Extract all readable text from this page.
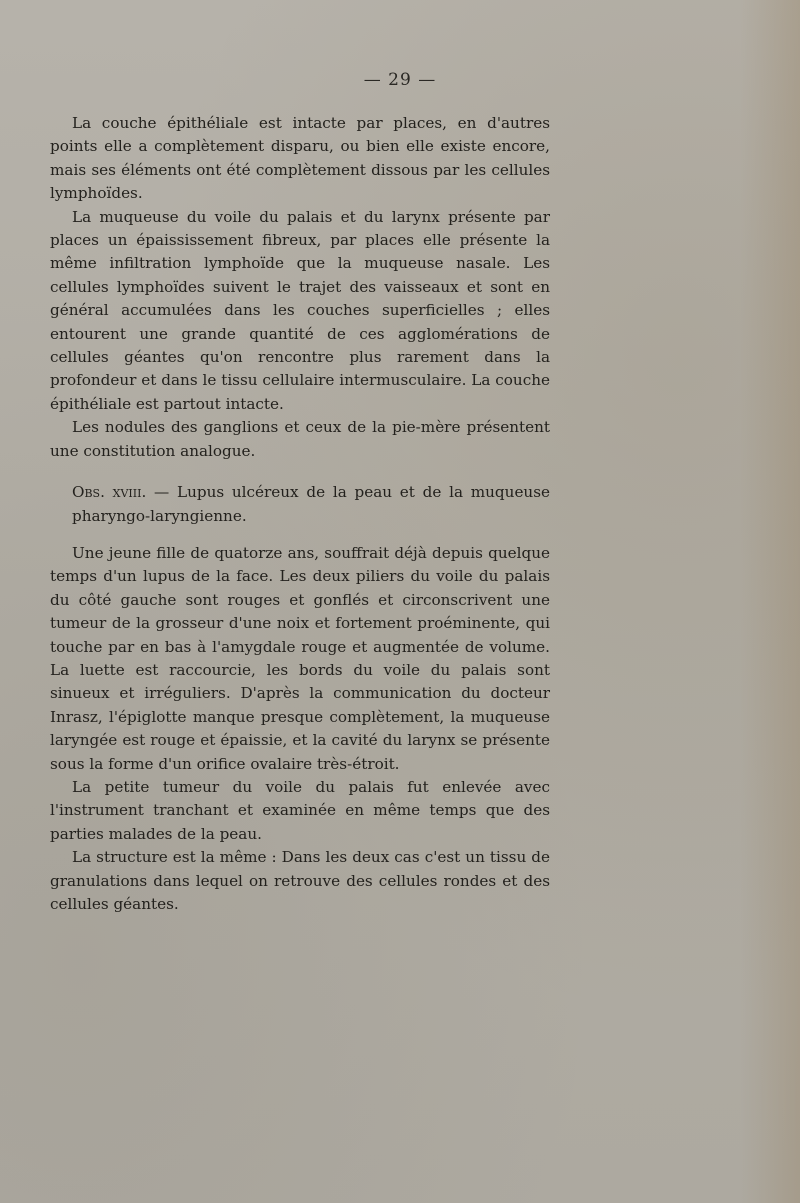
— 29 —

La couche épithéliale est intacte par places, en d'autres points elle a complètement disparu, ou bien elle existe encore, mais ses éléments ont été complètement dissous par les cellules lymphoïdes.

La muqueuse du voile du palais et du larynx présente par places un épaississement fibreux, par places elle présente la même infiltration lymphoïde que la muqueuse nasale. Les cellules lymphoïdes suivent le trajet des vaisseaux et sont en général accumulées dans les couches superficielles ; elles entourent une grande quantité de ces agglomérations de cellules géantes qu'on rencontre plus rarement dans la profondeur et dans le tissu cellulaire intermusculaire. La couche épithéliale est partout intacte.

Les nodules des ganglions et ceux de la pie-mère présentent une constitution analogue.

Obs. xviii. — Lupus ulcéreux de la peau et de la muqueuse pharyngo-laryngienne.

Une jeune fille de quatorze ans, souffrait déjà depuis quelque temps d'un lupus de la face. Les deux piliers du voile du palais du côté gauche sont rouges et gonflés et circonscrivent une tumeur de la grosseur d'une noix et fortement proéminente, qui touche par en bas à l'amygdale rouge et augmentée de volume. La luette est raccourcie, les bords du voile du palais sont sinueux et irréguliers. D'après la communication du docteur Inrasz, l'épiglotte manque presque complètement, la muqueuse laryngée est rouge et épaissie, et la cavité du larynx se présente sous la forme d'un orifice ovalaire très-étroit.

La petite tumeur du voile du palais fut enlevée avec l'instrument tranchant et examinée en même temps que des parties malades de la peau.

La structure est la même : Dans les deux cas c'est un tissu de granulations dans lequel on retrouve des cellules rondes et des cellules géantes.
